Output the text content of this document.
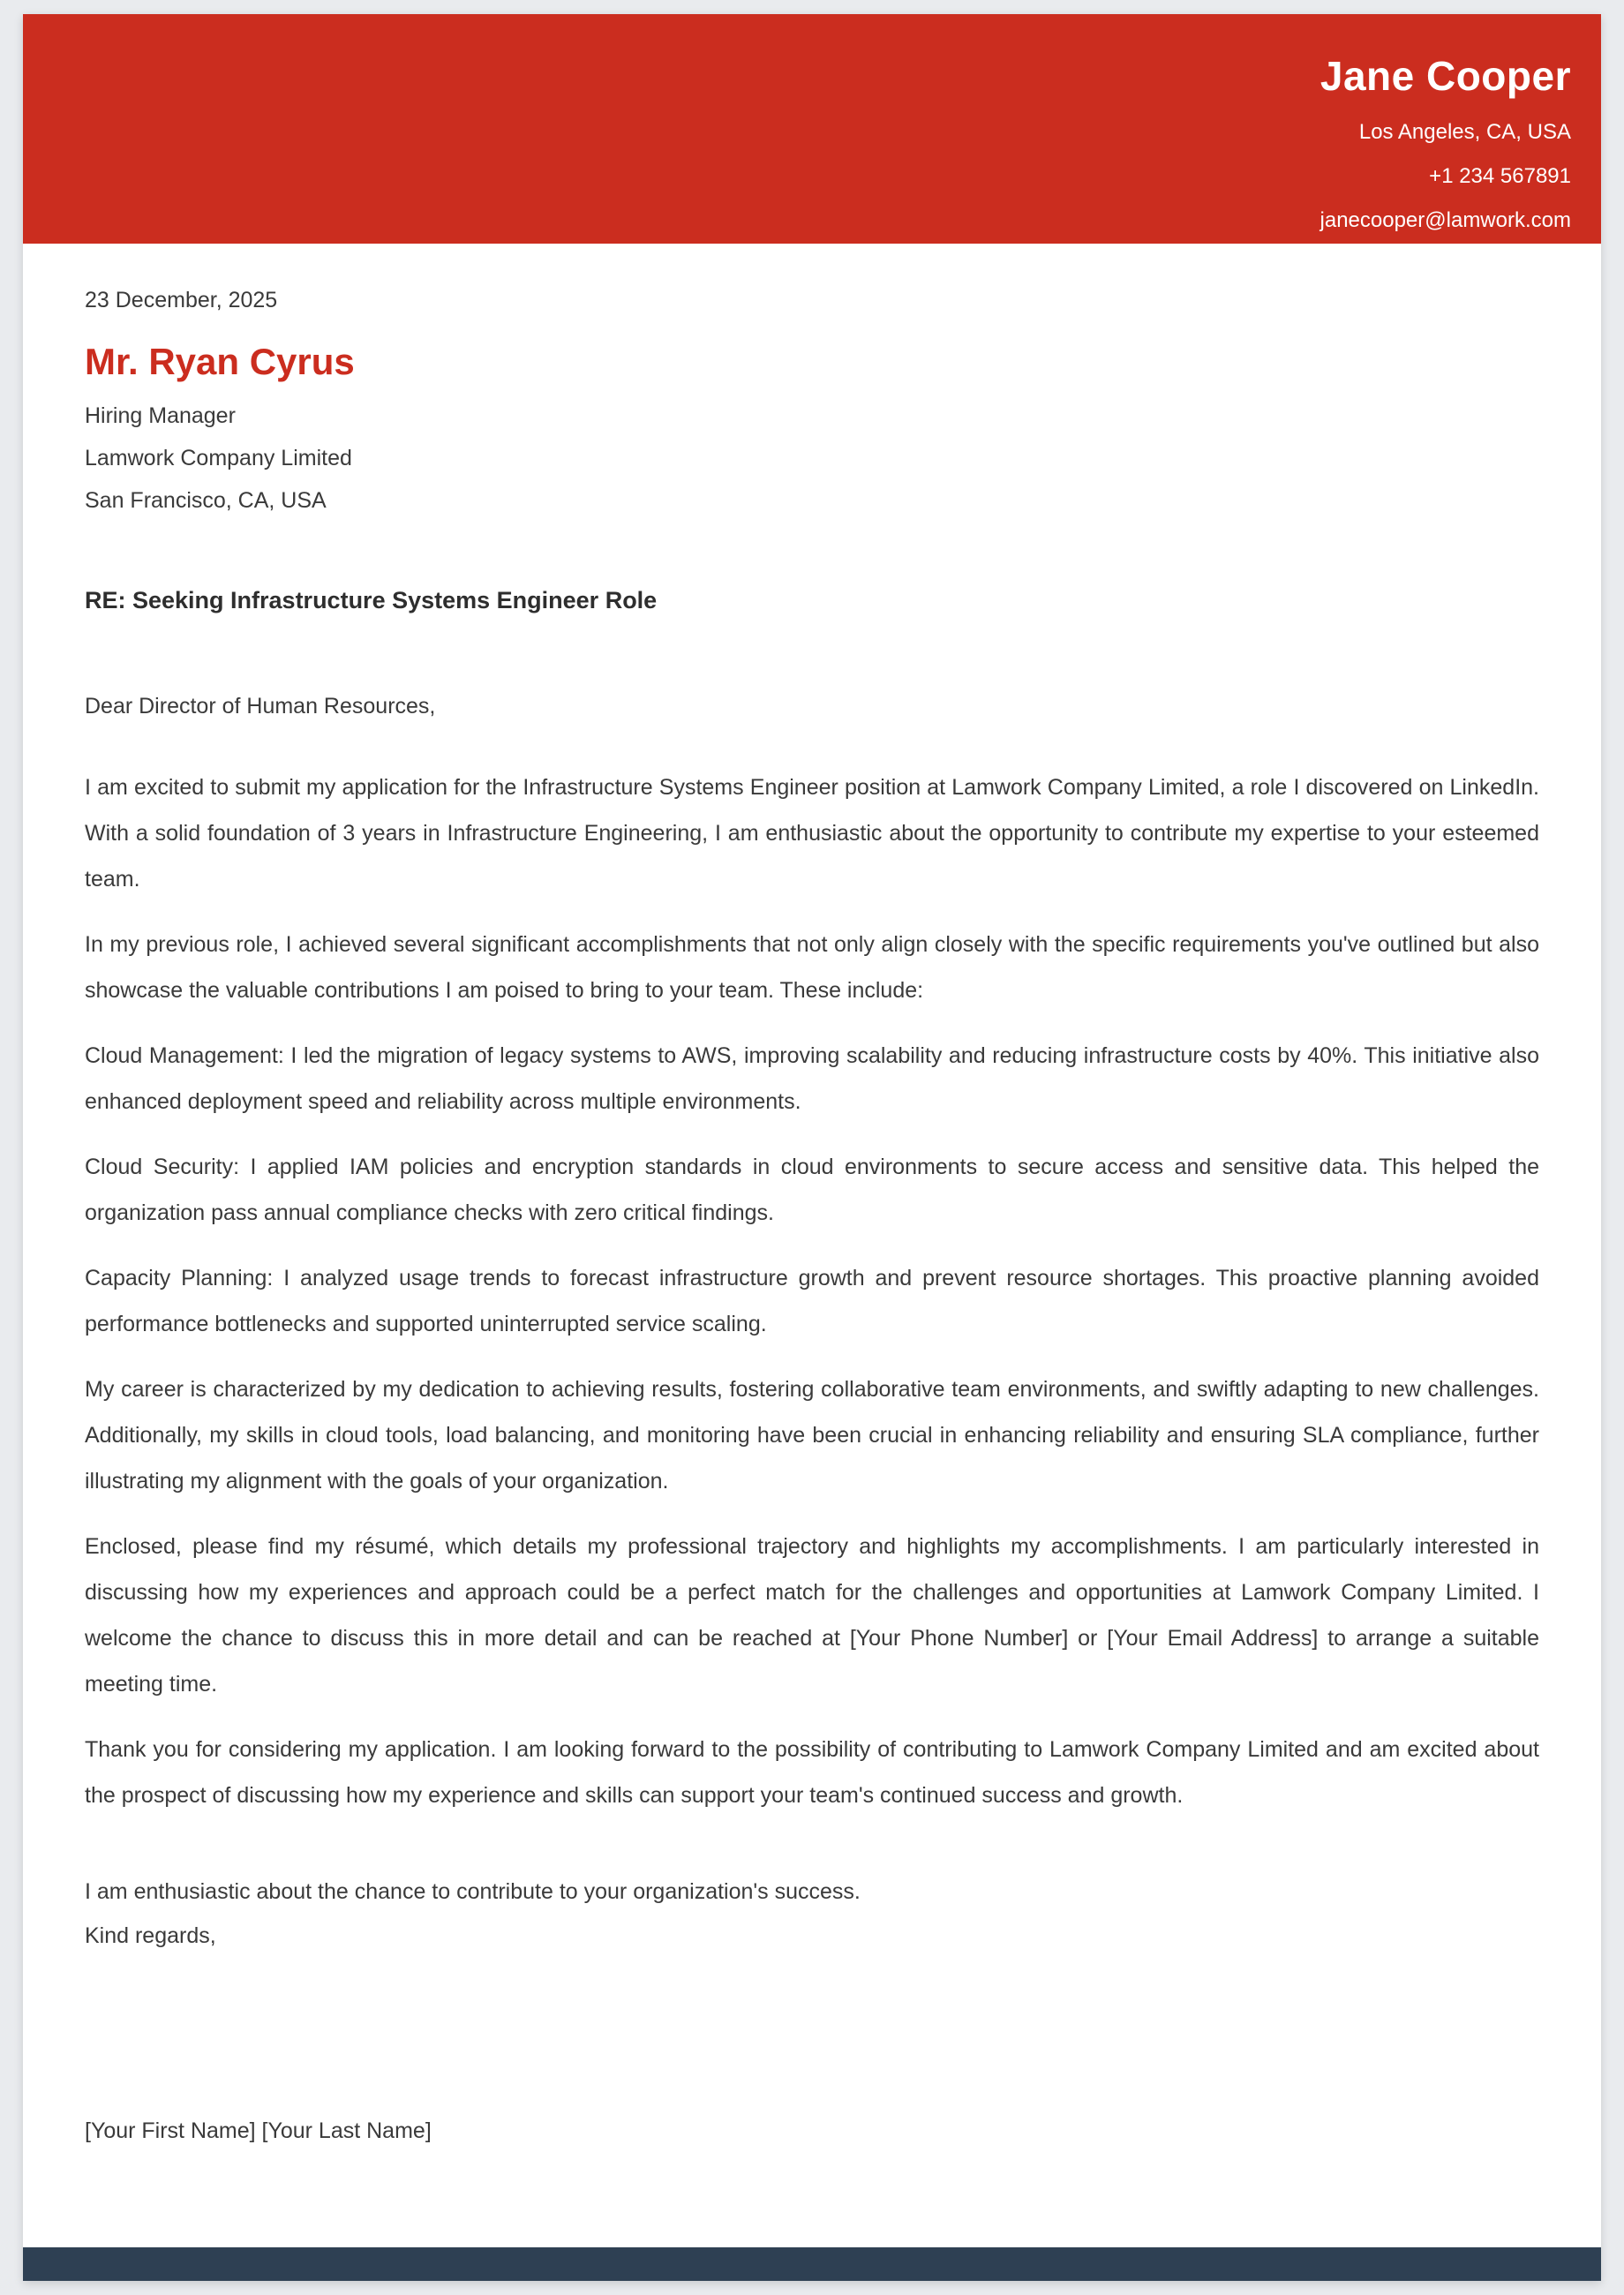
Jane Cooper
Los Angeles, CA, USA
+1 234 567891
janecooper@lamwork.com
23 December, 2025
Mr. Ryan Cyrus
Hiring Manager
Lamwork Company Limited
San Francisco, CA, USA
RE: Seeking Infrastructure Systems Engineer Role

Dear Director of Human Resources,

I am excited to submit my application for the Infrastructure Systems Engineer position at Lamwork Company Limited, a role I discovered on LinkedIn. With a solid foundation of 3 years in Infrastructure Engineering, I am enthusiastic about the opportunity to contribute my expertise to your esteemed team.

In my previous role, I achieved several significant accomplishments that not only align closely with the specific requirements you've outlined but also showcase the valuable contributions I am poised to bring to your team. These include:

Cloud Management: I led the migration of legacy systems to AWS, improving scalability and reducing infrastructure costs by 40%. This initiative also enhanced deployment speed and reliability across multiple environments.

Cloud Security: I applied IAM policies and encryption standards in cloud environments to secure access and sensitive data. This helped the organization pass annual compliance checks with zero critical findings.

Capacity Planning: I analyzed usage trends to forecast infrastructure growth and prevent resource shortages. This proactive planning avoided performance bottlenecks and supported uninterrupted service scaling.

My career is characterized by my dedication to achieving results, fostering collaborative team environments, and swiftly adapting to new challenges. Additionally, my skills in cloud tools, load balancing, and monitoring have been crucial in enhancing reliability and ensuring SLA compliance, further illustrating my alignment with the goals of your organization.

Enclosed, please find my résumé, which details my professional trajectory and highlights my accomplishments. I am particularly interested in discussing how my experiences and approach could be a perfect match for the challenges and opportunities at Lamwork Company Limited. I welcome the chance to discuss this in more detail and can be reached at [Your Phone Number] or [Your Email Address] to arrange a suitable meeting time.

Thank you for considering my application. I am looking forward to the possibility of contributing to Lamwork Company Limited and am excited about the prospect of discussing how my experience and skills can support your team's continued success and growth.

I am enthusiastic about the chance to contribute to your organization's success.

Kind regards,

[Your First Name] [Your Last Name]
